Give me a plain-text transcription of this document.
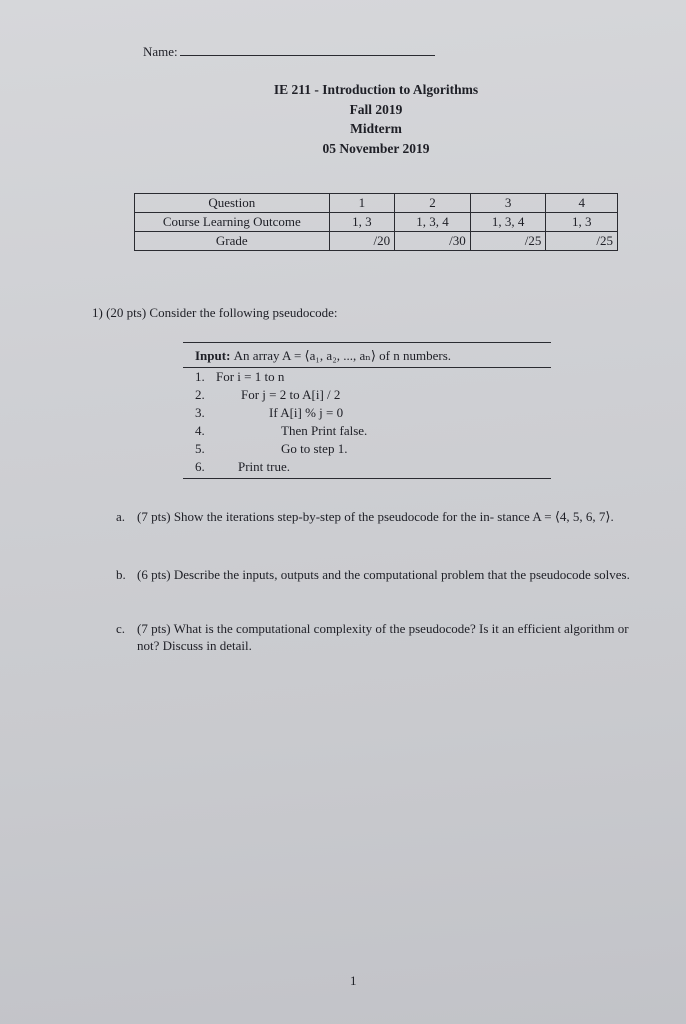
Name:
IE 211 - Introduction to Algorithms
Fall 2019
Midterm
05 November 2019
Question	1	2	3	4
Course Learning Outcome	1, 3	1, 3, 4	1, 3, 4	1, 3
Grade	/20	/30	/25	/25
1) (20 pts) Consider the following pseudocode:
Input: An array A = ⟨a₁, a₂, ..., aₙ⟩ of n numbers.
1. For i = 1 to n
2.	For j = 2 to A[i] / 2
3.	If A[i] % j = 0
4.	Then Print false.
5.	Go to step 1.
6.	Print true.
a. (7 pts) Show the iterations step-by-step of the pseudocode for the in- stance A = ⟨4, 5, 6, 7⟩.
b. (6 pts) Describe the inputs, outputs and the computational problem that the pseudocode solves.
c. (7 pts) What is the computational complexity of the pseudocode? Is it an efficient algorithm or not? Discuss in detail.
1
